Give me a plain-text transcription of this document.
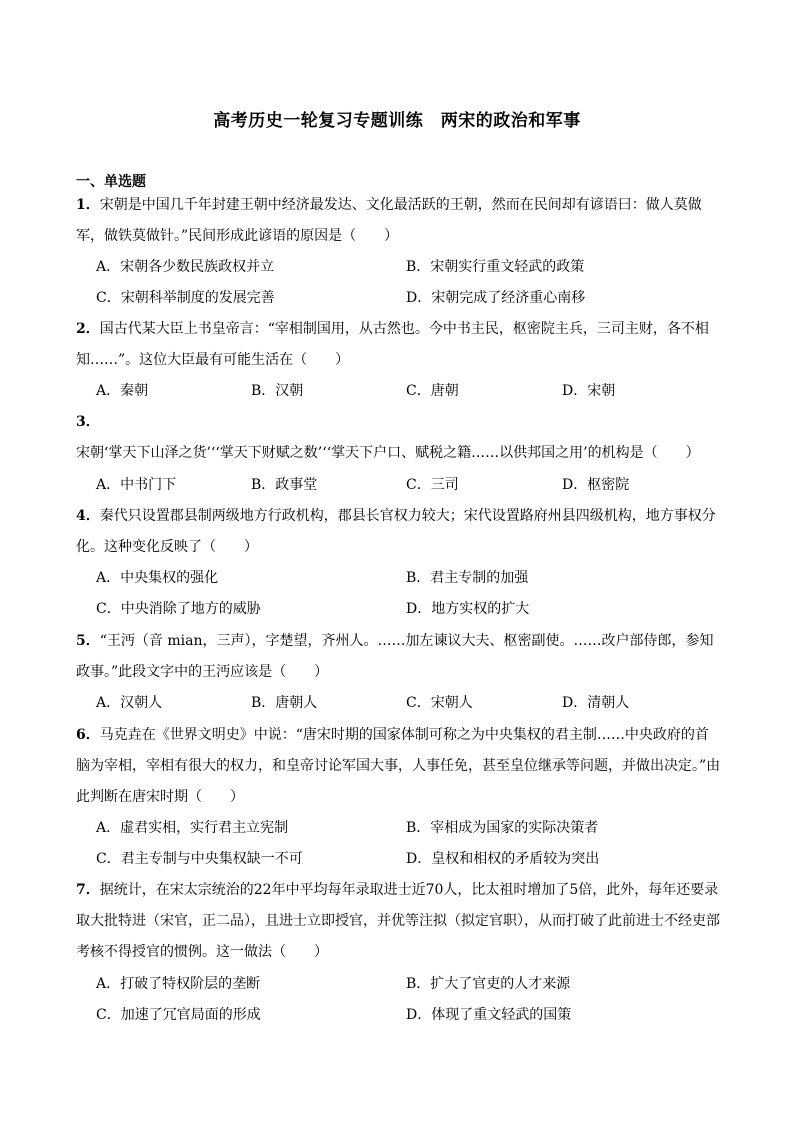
高考历史一轮复习专题训练　两宋的政治和军事
一、单选题
1．宋朝是中国几千年封建王朝中经济最发达、文化最活跃的王朝，然而在民间却有谚语曰：做人莫做军，做铁莫做针。”民间形成此谚语的原因是（　　）
A．宋朝各少数民族政权并立	B．宋朝实行重文轻武的政策
C．宋朝科举制度的发展完善	D．宋朝完成了经济重心南移
2．国古代某大臣上书皇帝言：“宰相制国用，从古然也。今中书主民，枢密院主兵，三司主财，各不相知……”。这位大臣最有可能生活在（　　）
A．秦朝	B．汉朝	C．唐朝	D．宋朝
3．宋朝‘掌天下山泽之货’‘‘掌天下财赋之数’‘‘掌天下户口、赋税之籍……以供邦国之用’的机构是（　　）
A．中书门下	B．政事堂	C．三司	D．枢密院
4．秦代只设置郡县制两级地方行政机构，郡县长官权力较大；宋代设置路府州县四级机构，地方事权分化。这种变化反映了（　　）
A．中央集权的强化	B．君主专制的加强
C．中央消除了地方的威胁	D．地方实权的扩大
5．“王沔（音 mian，三声），字楚望，齐州人。……加左谏议大夫、枢密副使。……改户部侍郎，参知政事。”此段文字中的王沔应该是（　　）
A．汉朝人	B．唐朝人	C．宋朝人	D．清朝人
6．马克垚在《世界文明史》中说：“唐宋时期的国家体制可称之为中央集权的君主制……中央政府的首脑为宰相，宰相有很大的权力，和皇帝讨论军国大事，人事任免，甚至皇位继承等问题，并做出决定。”由此判断在唐宋时期（　　）
A．虚君实相，实行君主立宪制	B．宰相成为国家的实际决策者
C．君主专制与中央集权缺一不可	D．皇权和相权的矛盾较为突出
7．据统计，在宋太宗统治的22年中平均每年录取进士近70人，比太祖时增加了5倍，此外，每年还要录取大批特进（宋官，正二品），且进士立即授官，并优等注拟（拟定官职），从而打破了此前进士不经吏部考核不得授官的惯例。这一做法（　　）
A．打破了特权阶层的垄断	B．扩大了官吏的人才来源
C．加速了冗官局面的形成	D．体现了重文轻武的国策
